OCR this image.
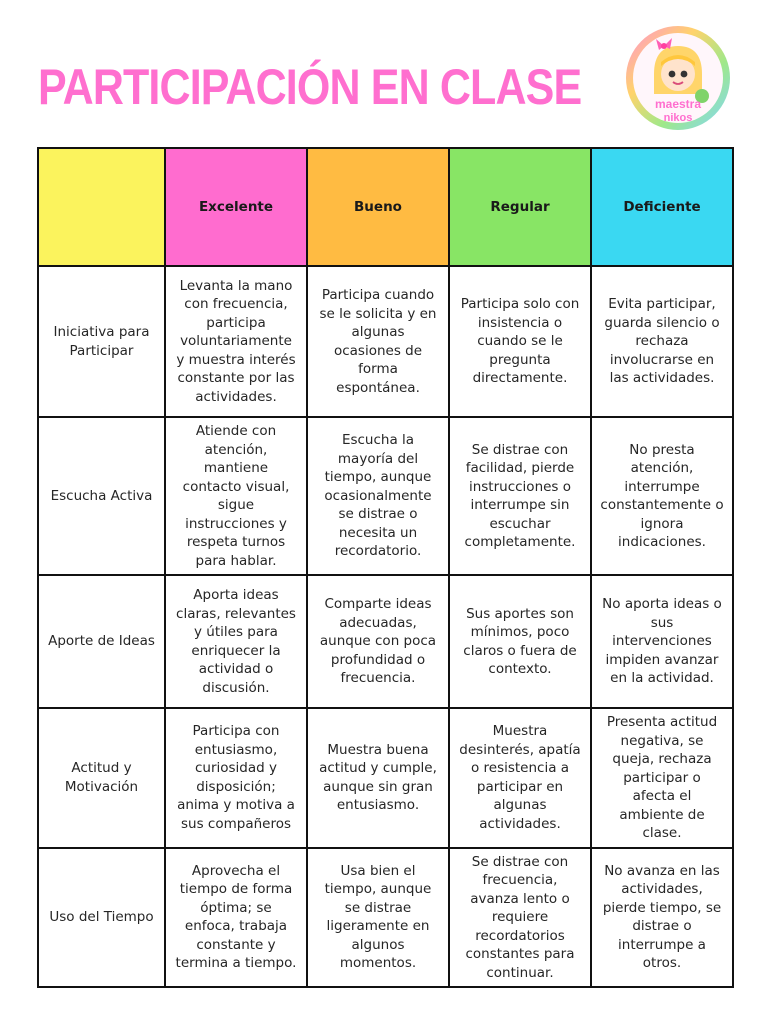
PARTICIPACIÓN EN CLASE	maestra
nikos
	Excelente	Bueno	Regular	Deficiente
Iniciativa para Participar	Levanta la mano con frecuencia, participa voluntariamente y muestra interés constante por las actividades.	Participa cuando se le solicita y en algunas ocasiones de forma espontánea.	Participa solo con insistencia o cuando se le pregunta directamente.	Evita participar, guarda silencio o rechaza involucrarse en las actividades.
Escucha Activa	Atiende con atención, mantiene contacto visual, sigue instrucciones y respeta turnos para hablar.	Escucha la mayoría del tiempo, aunque ocasionalmente se distrae o necesita un recordatorio.	Se distrae con facilidad, pierde instrucciones o interrumpe sin escuchar completamente.	No presta atención, interrumpe constantemente o ignora indicaciones.
Aporte de Ideas	Aporta ideas claras, relevantes y útiles para enriquecer la actividad o discusión.	Comparte ideas adecuadas, aunque con poca profundidad o frecuencia.	Sus aportes son mínimos, poco claros o fuera de contexto.	No aporta ideas o sus intervenciones impiden avanzar en la actividad.
Actitud y Motivación	Participa con entusiasmo, curiosidad y disposición; anima y motiva a sus compañeros	Muestra buena actitud y cumple, aunque sin gran entusiasmo.	Muestra desinterés, apatía o resistencia a participar en algunas actividades.	Presenta actitud negativa, se queja, rechaza participar o afecta el ambiente de clase.
Uso del Tiempo	Aprovecha el tiempo de forma óptima; se enfoca, trabaja constante y termina a tiempo.	Usa bien el tiempo, aunque se distrae ligeramente en algunos momentos.	Se distrae con frecuencia, avanza lento o requiere recordatorios constantes para continuar.	No avanza en las actividades, pierde tiempo, se distrae o interrumpe a otros.
